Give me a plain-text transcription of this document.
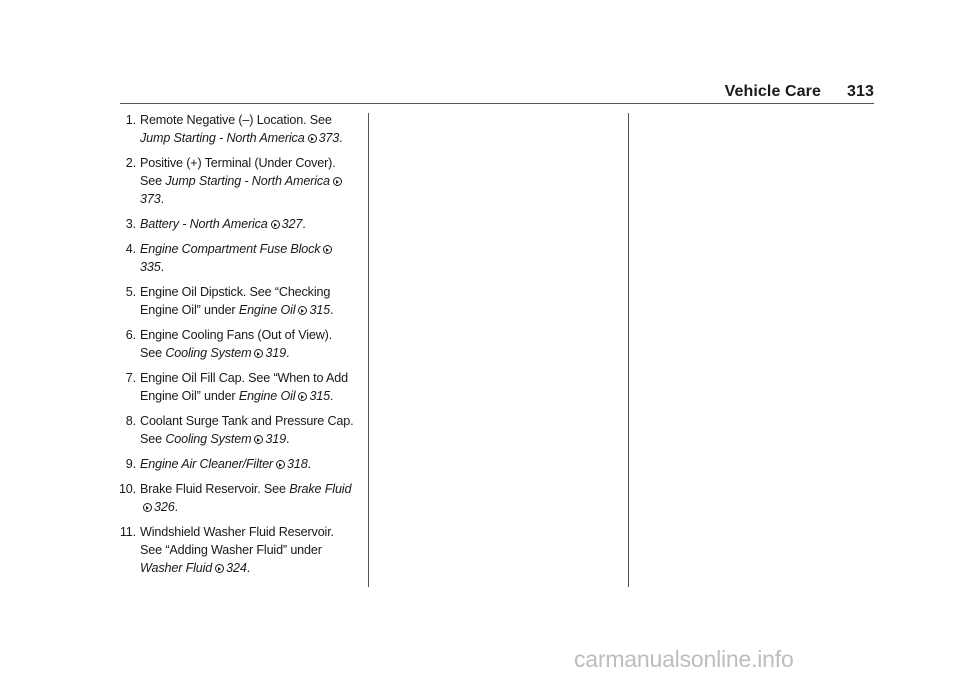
Vehicle Care 313
1. Remote Negative (–) Location. See Jump Starting - North America 373.
2. Positive (+) Terminal (Under Cover). See Jump Starting - North America373.
3. Battery - North America 327.
4. Engine Compartment Fuse Block335.
5. Engine Oil Dipstick. See “Checking Engine Oil” under Engine Oil 315.
6. Engine Cooling Fans (Out of View). See Cooling System 319.
7. Engine Oil Fill Cap. See “When to Add Engine Oil” under Engine Oil 315.
8. Coolant Surge Tank and Pressure Cap. See Cooling System 319.
9. Engine Air Cleaner/Filter 318.
10. Brake Fluid Reservoir. See Brake Fluid326.
11. Windshield Washer Fluid Reservoir. See “Adding Washer Fluid” under Washer Fluid 324.
carmanualsonline.info
